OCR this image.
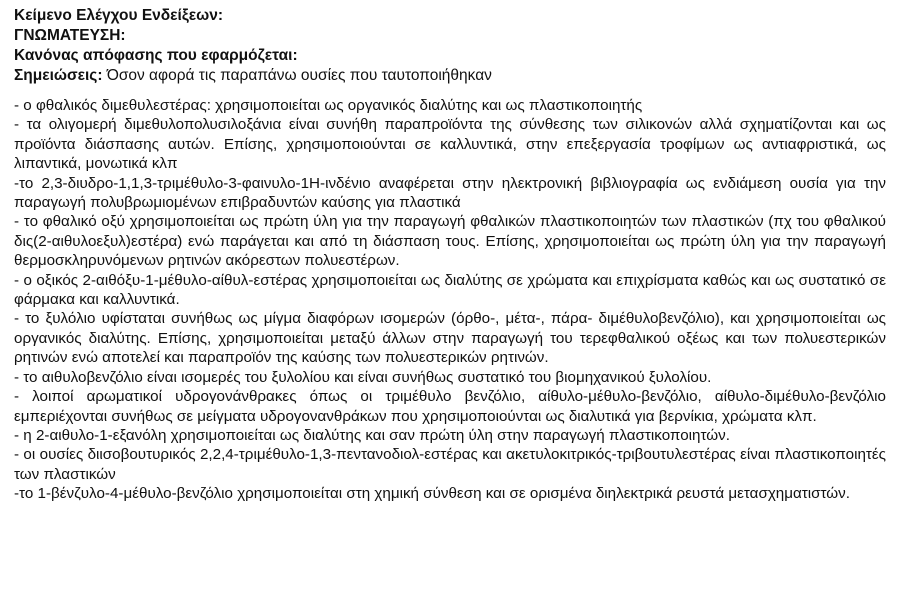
Κείμενο Ελέγχου Ενδείξεων:

ΓΝΩΜΑΤΕΥΣΗ:

Κανόνας απόφασης που εφαρμόζεται:

Σημειώσεις: Όσον αφορά τις παραπάνω ουσίες που ταυτοποιήθηκαν

- ο φθαλικός διμεθυλεστέρας: χρησιμοποιείται ως οργανικός διαλύτης και ως πλαστικοποιητής

- τα ολιγομερή διμεθυλοπολυσιλοξάνια είναι συνήθη παραπροϊόντα της σύνθεσης των σιλικονών αλλά σχηματίζονται και ως προϊόντα διάσπασης αυτών. Επίσης, χρησιμοποιούνται σε καλλυντικά, στην επεξεργασία τροφίμων ως αντιαφριστικά, ως λιπαντικά, μονωτικά κλπ

-το 2,3-διυδρο-1,1,3-τριμέθυλο-3-φαινυλο-1Η-ινδένιο αναφέρεται στην ηλεκτρονική βιβλιογραφία ως ενδιάμεση ουσία για την παραγωγή πολυβρωμιομένων επιβραδυντών καύσης για πλαστικά

- το φθαλικό οξύ χρησιμοποιείται ως πρώτη ύλη για την παραγωγή φθαλικών πλαστικοποιητών των πλαστικών (πχ του φθαλικού δις(2-αιθυλοεξυλ)εστέρα) ενώ παράγεται και από τη διάσπαση τους. Επίσης, χρησιμοποιείται ως πρώτη ύλη για την παραγωγή θερμοσκληρυνόμενων ρητινών ακόρεστων πολυεστέρων.

- ο οξικός 2-αιθόξυ-1-μέθυλο-αίθυλ-εστέρας χρησιμοποιείται ως διαλύτης σε χρώματα και επιχρίσματα καθώς και ως συστατικό σε φάρμακα και καλλυντικά.

- το ξυλόλιο υφίσταται συνήθως ως μίγμα διαφόρων ισομερών (όρθο-, μέτα-, πάρα- διμέθυλοβενζόλιο), και χρησιμοποιείται ως οργανικός διαλύτης. Επίσης, χρησιμοποιείται μεταξύ άλλων στην παραγωγή του τερεφθαλικού οξέως και των πολυεστερικών ρητινών ενώ αποτελεί και παραπροϊόν της καύσης των πολυεστερικών ρητινών.

- το αιθυλοβενζόλιο είναι ισομερές του ξυλολίου και είναι συνήθως συστατικό του βιομηχανικού ξυλολίου.

- λοιποί αρωματικοί υδρογονάνθρακες όπως οι τριμέθυλο βενζόλιο, αίθυλο-μέθυλο-βενζόλιο, αίθυλο-διμέθυλο-βενζόλιο εμπεριέχονται συνήθως σε μείγματα υδρογονανθράκων που χρησιμοποιούνται ως διαλυτικά για βερνίκια, χρώματα κλπ.

- η 2-αιθυλο-1-εξανόλη χρησιμοποιείται ως διαλύτης και σαν πρώτη ύλη στην παραγωγή πλαστικοποιητών.

- οι ουσίες διισοβουτυρικός 2,2,4-τριμέθυλο-1,3-πεντανοδιολ-εστέρας και ακετυλοκιτρικός-τριβουτυλεστέρας είναι πλαστικοποιητές των πλαστικών

-το 1-βένζυλο-4-μέθυλο-βενζόλιο χρησιμοποιείται στη χημική σύνθεση και σε ορισμένα διηλεκτρικά ρευστά μετασχηματιστών.
